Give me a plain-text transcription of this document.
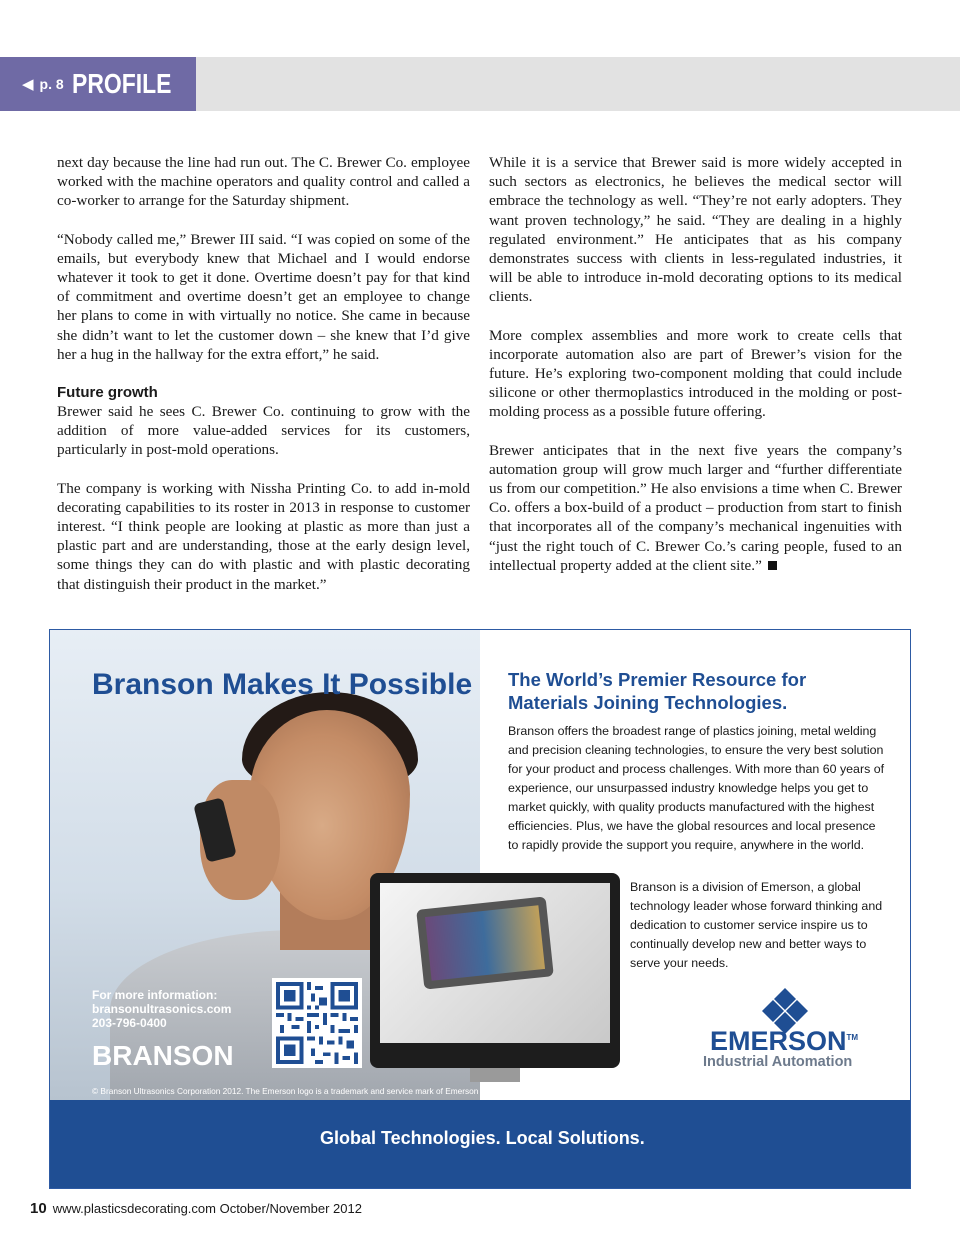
◀ p. 8 PROFILE

next day because the line had run out. The C. Brewer Co. employee worked with the machine operators and quality control and called a co-worker to arrange for the Saturday shipment.

“Nobody called me,” Brewer III said. “I was copied on some of the emails, but everybody knew that Michael and I would endorse whatever it took to get it done. Overtime doesn’t pay for that kind of commitment and overtime doesn’t get an employee to change her plans to come in with virtually no notice. She came in because she didn’t want to let the customer down – she knew that I’d give her a hug in the hallway for the extra effort,” he said.

Future growth

Brewer said he sees C. Brewer Co. continuing to grow with the addition of more value-added services for its customers, particularly in post-mold operations.

The company is working with Nissha Printing Co. to add in-mold decorating capabilities to its roster in 2013 in response to customer interest. “I think people are looking at plastic as more than just a plastic part and are understanding, those at the early design level, some things they can do with plastic and with plastic decorating that distinguish their product in the market.”

While it is a service that Brewer said is more widely accepted in such sectors as electronics, he believes the medical sector will embrace the technology as well. “They’re not early adopters. They want proven technology,” he said. “They are dealing in a highly regulated environment.” He anticipates that as his company demonstrates success with clients in less-regulated industries, it will be able to introduce in-mold decorating options to its medical clients.

More complex assemblies and more work to create cells that incorporate automation also are part of Brewer’s vision for the future. He’s exploring two-component molding that could include silicone or other thermoplastics introduced in the molding or post-molding process as a possible future offering.

Brewer anticipates that in the next five years the company’s automation group will grow much larger and “further differentiate us from our competition.” He also envisions a time when C. Brewer Co. offers a box-build of a product – production from start to finish that incorporates all of the company’s mechanical ingenuities with “just the right touch of C. Brewer Co.’s caring people, fused to an intellectual property added at the client site.”

Branson Makes It Possible The World’s Premier Resource for Materials Joining Technologies.

Branson offers the broadest range of plastics joining, metal welding and precision cleaning technologies, to ensure the very best solution for your product and process challenges. With more than 60 years of experience, our unsurpassed industry knowledge helps you get to market quickly, with quality products manufactured with the highest efficiencies. Plus, we have the global resources and local presence to rapidly provide the support you require, anywhere in the world.

Branson is a division of Emerson, a global technology leader whose forward thinking and dedication to customer service inspire us to continually develop new and better ways to serve your needs.

For more information:
bransonultrasonics.com
203-796-0400
BRANSON
© Branson Ultrasonics Corporation 2012. The Emerson logo is a trademark and service mark of Emerson Electric Co.
EMERSON™
Industrial Automation
Global Technologies. Local Solutions.
10 www.plasticsdecorating.com October/November 2012
